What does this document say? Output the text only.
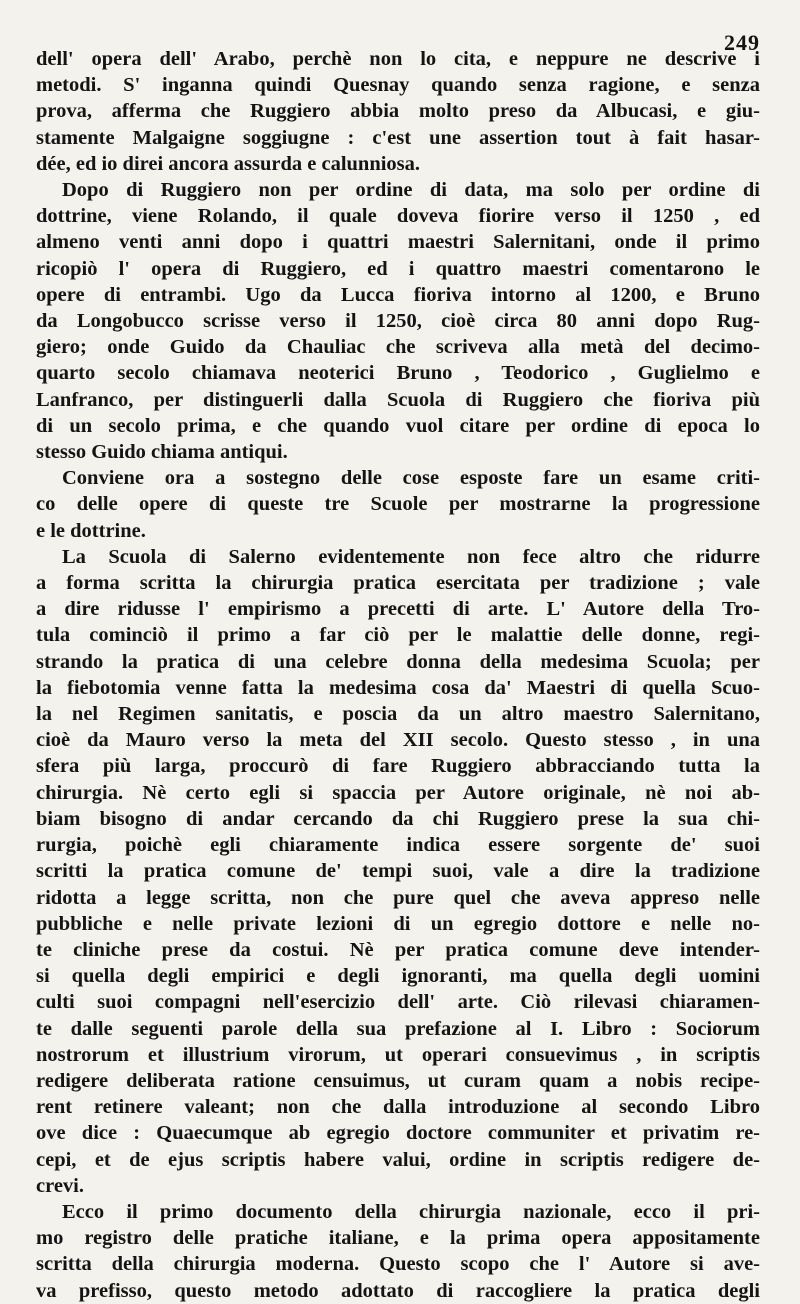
249
dell' opera dell' Arabo, perchè non lo cita, e neppure ne descrive i
metodi. S' inganna quindi Quesnay quando senza ragione, e senza
prova, afferma che Ruggiero abbia molto preso da Albucasi, e giu-
stamente Malgaigne soggiugne : c'est une assertion tout à fait hasar-
dée, ed io direi ancora assurda e calunniosa.
Dopo di Ruggiero non per ordine di data, ma solo per ordine di
dottrine, viene Rolando, il quale doveva fiorire verso il 1250 , ed
almeno venti anni dopo i quattri maestri Salernitani, onde il primo
ricopiò l' opera di Ruggiero, ed i quattro maestri comentarono le
opere di entrambi. Ugo da Lucca fioriva intorno al 1200, e Bruno
da Longobucco scrisse verso il 1250, cioè circa 80 anni dopo Rug-
giero; onde Guido da Chauliac che scriveva alla metà del decimo-
quarto secolo chiamava neoterici Bruno , Teodorico , Guglielmo e
Lanfranco, per distinguerli dalla Scuola di Ruggiero che fioriva più
di un secolo prima, e che quando vuol citare per ordine di epoca lo
stesso Guido chiama antiqui.
Conviene ora a sostegno delle cose esposte fare un esame criti-
co delle opere di queste tre Scuole per mostrarne la progressione
e le dottrine.
La Scuola di Salerno evidentemente non fece altro che ridurre
a forma scritta la chirurgia pratica esercitata per tradizione ; vale
a dire ridusse l' empirismo a precetti di arte. L' Autore della Tro-
tula cominciò il primo a far ciò per le malattie delle donne, regi-
strando la pratica di una celebre donna della medesima Scuola; per
la fiebotomia venne fatta la medesima cosa da' Maestri di quella Scuo-
la nel Regimen sanitatis, e poscia da un altro maestro Salernitano,
cioè da Mauro verso la meta del XII secolo. Questo stesso , in una
sfera più larga, proccurò di fare Ruggiero abbracciando tutta la
chirurgia. Nè certo egli si spaccia per Autore originale, nè noi ab-
biam bisogno di andar cercando da chi Ruggiero prese la sua chi-
rurgia, poichè egli chiaramente indica essere sorgente de' suoi
scritti la pratica comune de' tempi suoi, vale a dire la tradizione
ridotta a legge scritta, non che pure quel che aveva appreso nelle
pubbliche e nelle private lezioni di un egregio dottore e nelle no-
te cliniche prese da costui. Nè per pratica comune deve intender-
si quella degli empirici e degli ignoranti, ma quella degli uomini
culti suoi compagni nell'esercizio dell' arte. Ciò rilevasi chiaramen-
te dalle seguenti parole della sua prefazione al I. Libro : Sociorum
nostrorum et illustrium virorum, ut operari consuevimus , in scriptis
redigere deliberata ratione censuimus, ut curam quam a nobis recipe-
rent retinere valeant; non che dalla introduzione al secondo Libro
ove dice : Quaecumque ab egregio doctore communiter et privatim re-
cepi, et de ejus scriptis habere valui, ordine in scriptis redigere de-
crevi.
Ecco il primo documento della chirurgia nazionale, ecco il pri-
mo registro delle pratiche italiane, e la prima opera appositamente
scritta della chirurgia moderna. Questo scopo che l' Autore si ave-
va prefisso, questo metodo adottato di raccogliere la pratica degli
